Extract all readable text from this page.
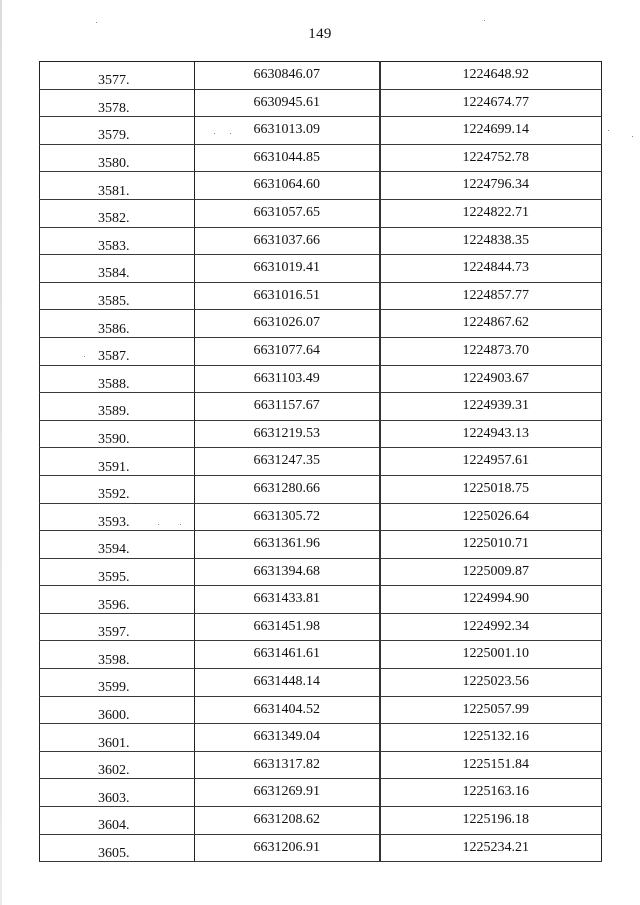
149
3577.	6630846.07	1224648.92
3578.	6630945.61	1224674.77
3579.	6631013.09	1224699.14
3580.	6631044.85	1224752.78
3581.	6631064.60	1224796.34
3582.	6631057.65	1224822.71
3583.	6631037.66	1224838.35
3584.	6631019.41	1224844.73
3585.	6631016.51	1224857.77
3586.	6631026.07	1224867.62
3587.	6631077.64	1224873.70
3588.	6631103.49	1224903.67
3589.	6631157.67	1224939.31
3590.	6631219.53	1224943.13
3591.	6631247.35	1224957.61
3592.	6631280.66	1225018.75
3593.	6631305.72	1225026.64
3594.	6631361.96	1225010.71
3595.	6631394.68	1225009.87
3596.	6631433.81	1224994.90
3597.	6631451.98	1224992.34
3598.	6631461.61	1225001.10
3599.	6631448.14	1225023.56
3600.	6631404.52	1225057.99
3601.	6631349.04	1225132.16
3602.	6631317.82	1225151.84
3603.	6631269.91	1225163.16
3604.	6631208.62	1225196.18
3605.	6631206.91	1225234.21
